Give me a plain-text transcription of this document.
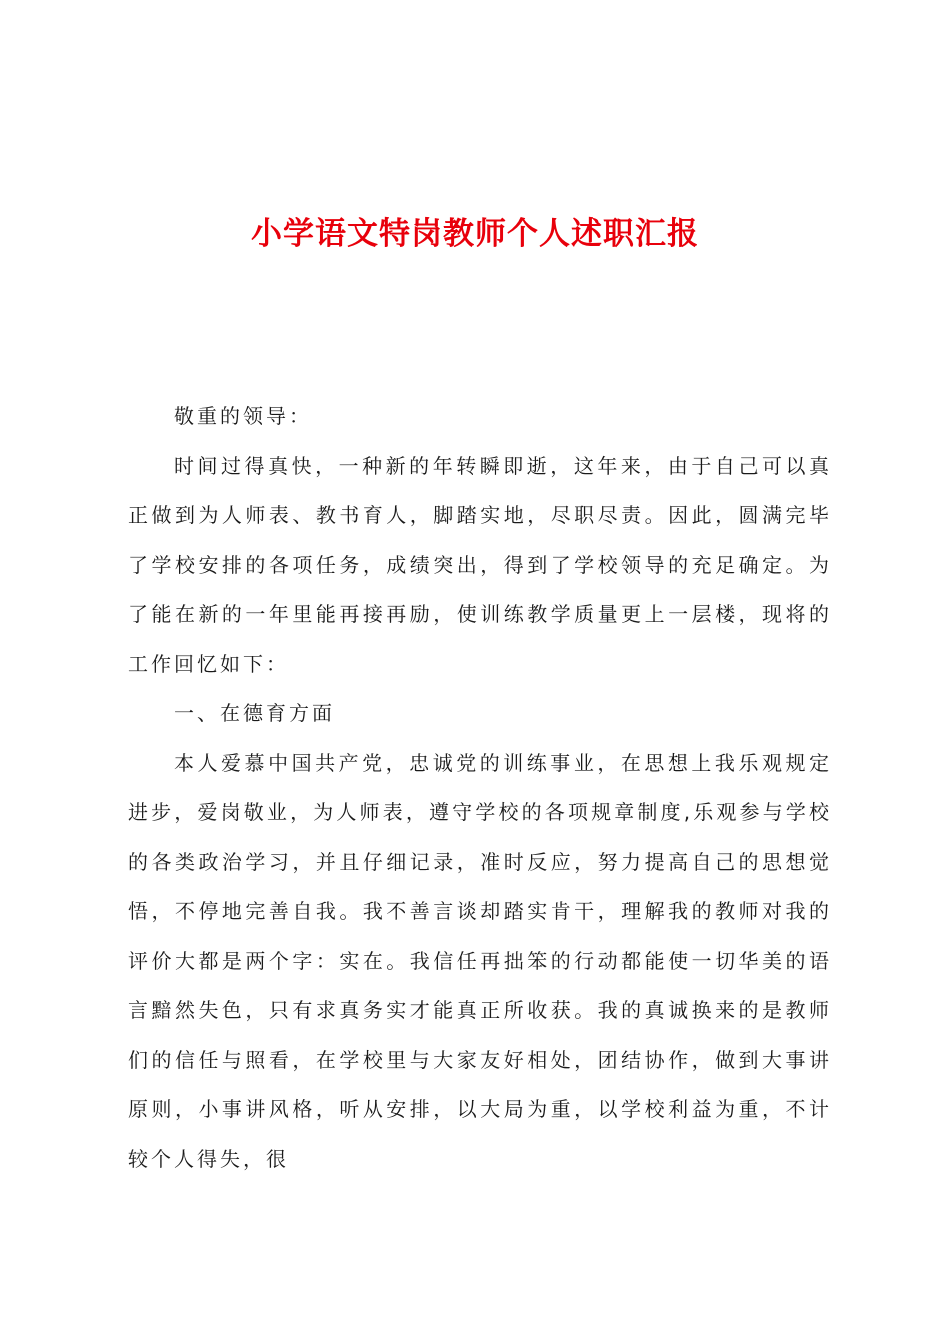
小学语文特岗教师个人述职汇报

敬重的领导：

时间过得真快，一种新的年转瞬即逝，这年来，由于自己可以真正做到为人师表、教书育人，脚踏实地，尽职尽责。因此，圆满完毕了学校安排的各项任务，成绩突出，得到了学校领导的充足确定。为了能在新的一年里能再接再励，使训练教学质量更上一层楼，现将的工作回忆如下：

一、在德育方面

本人爱慕中国共产党，忠诚党的训练事业，在思想上我乐观规定进步，爱岗敬业，为人师表，遵守学校的各项规章制度,乐观参与学校的各类政治学习，并且仔细记录，准时反应，努力提高自己的思想觉悟，不停地完善自我。我不善言谈却踏实肯干，理解我的教师对我的评价大都是两个字：实在。我信任再拙笨的行动都能使一切华美的语言黯然失色，只有求真务实才能真正所收获。我的真诚换来的是教师们的信任与照看，在学校里与大家友好相处，团结协作，做到大事讲原则，小事讲风格，听从安排，以大局为重，以学校利益为重，不计较个人得失，很
